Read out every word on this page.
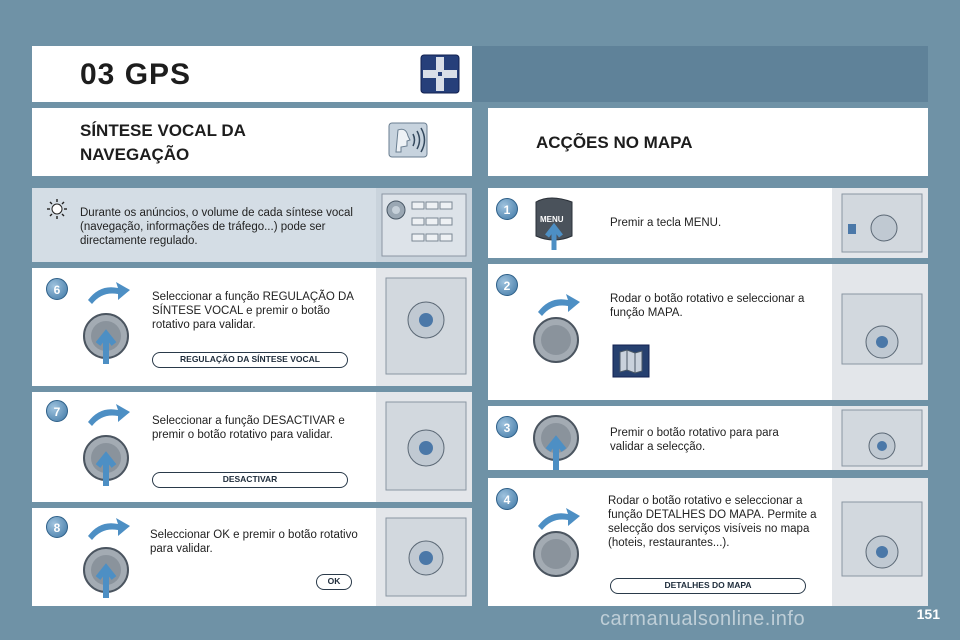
03 GPS
SÍNTESE VOCAL DA
NAVEGAÇÃO
ACÇÕES NO MAPA
Durante os anúncios, o volume de cada síntese vocal (navegação, informações de tráfego...) pode ser directamente regulado.
6	Seleccionar a função REGULAÇÃO DA SÍNTESE VOCAL e premir o botão rotativo para validar.
REGULAÇÃO DA SÍNTESE VOCAL
7
Seleccionar a função DESACTIVAR e premir o botão rotativo para validar.
DESACTIVAR
8	Seleccionar OK e premir o botão rotativo para validar.
OK
1
MENU	Premir a tecla MENU.
2
Rodar o botão rotativo e seleccionar a função MAPA.
3	Premir o botão rotativo para para validar a selecção.
4	Rodar o botão rotativo e seleccionar a função DETALHES DO MAPA. Permite a selecção dos serviços visíveis no mapa (hoteis, restaurantes...).
DETALHES DO MAPA
151
carmanualsonline.info
